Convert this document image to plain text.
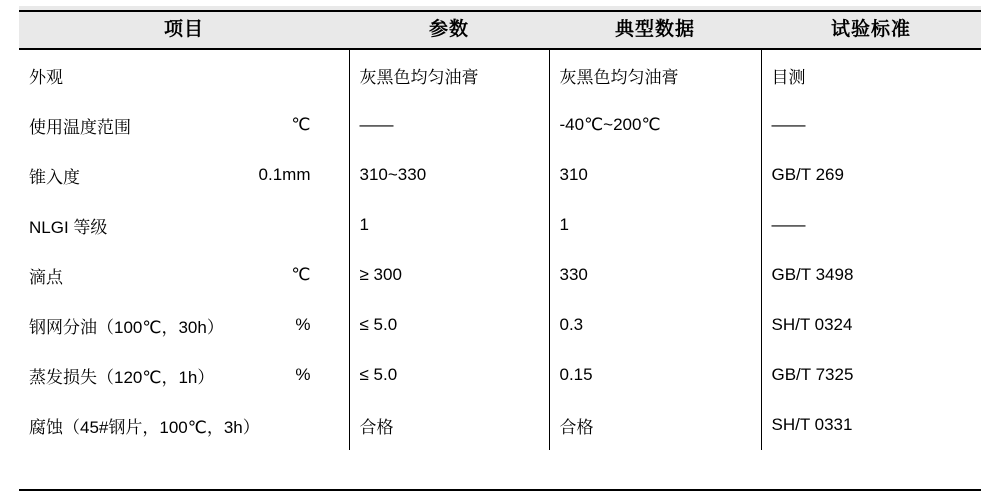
项目	参数	典型数据	试验标准

外观	灰黑色均匀油膏	灰黑色均匀油膏	目测

使用温度范围 ℃	——	-40℃~200℃	——

锥入度 0.1mm	310~330	310	GB/T 269

NLGI 等级	1	1	——

滴点 ℃	≥ 300	330	GB/T 3498

钢网分油（100℃，30h） %	≤ 5.0	0.3	SH/T 0324

蒸发损失（120℃，1h） %	≤ 5.0	0.15	GB/T 7325

腐蚀（45#钢片，100℃，3h）	合格	合格	SH/T 0331
